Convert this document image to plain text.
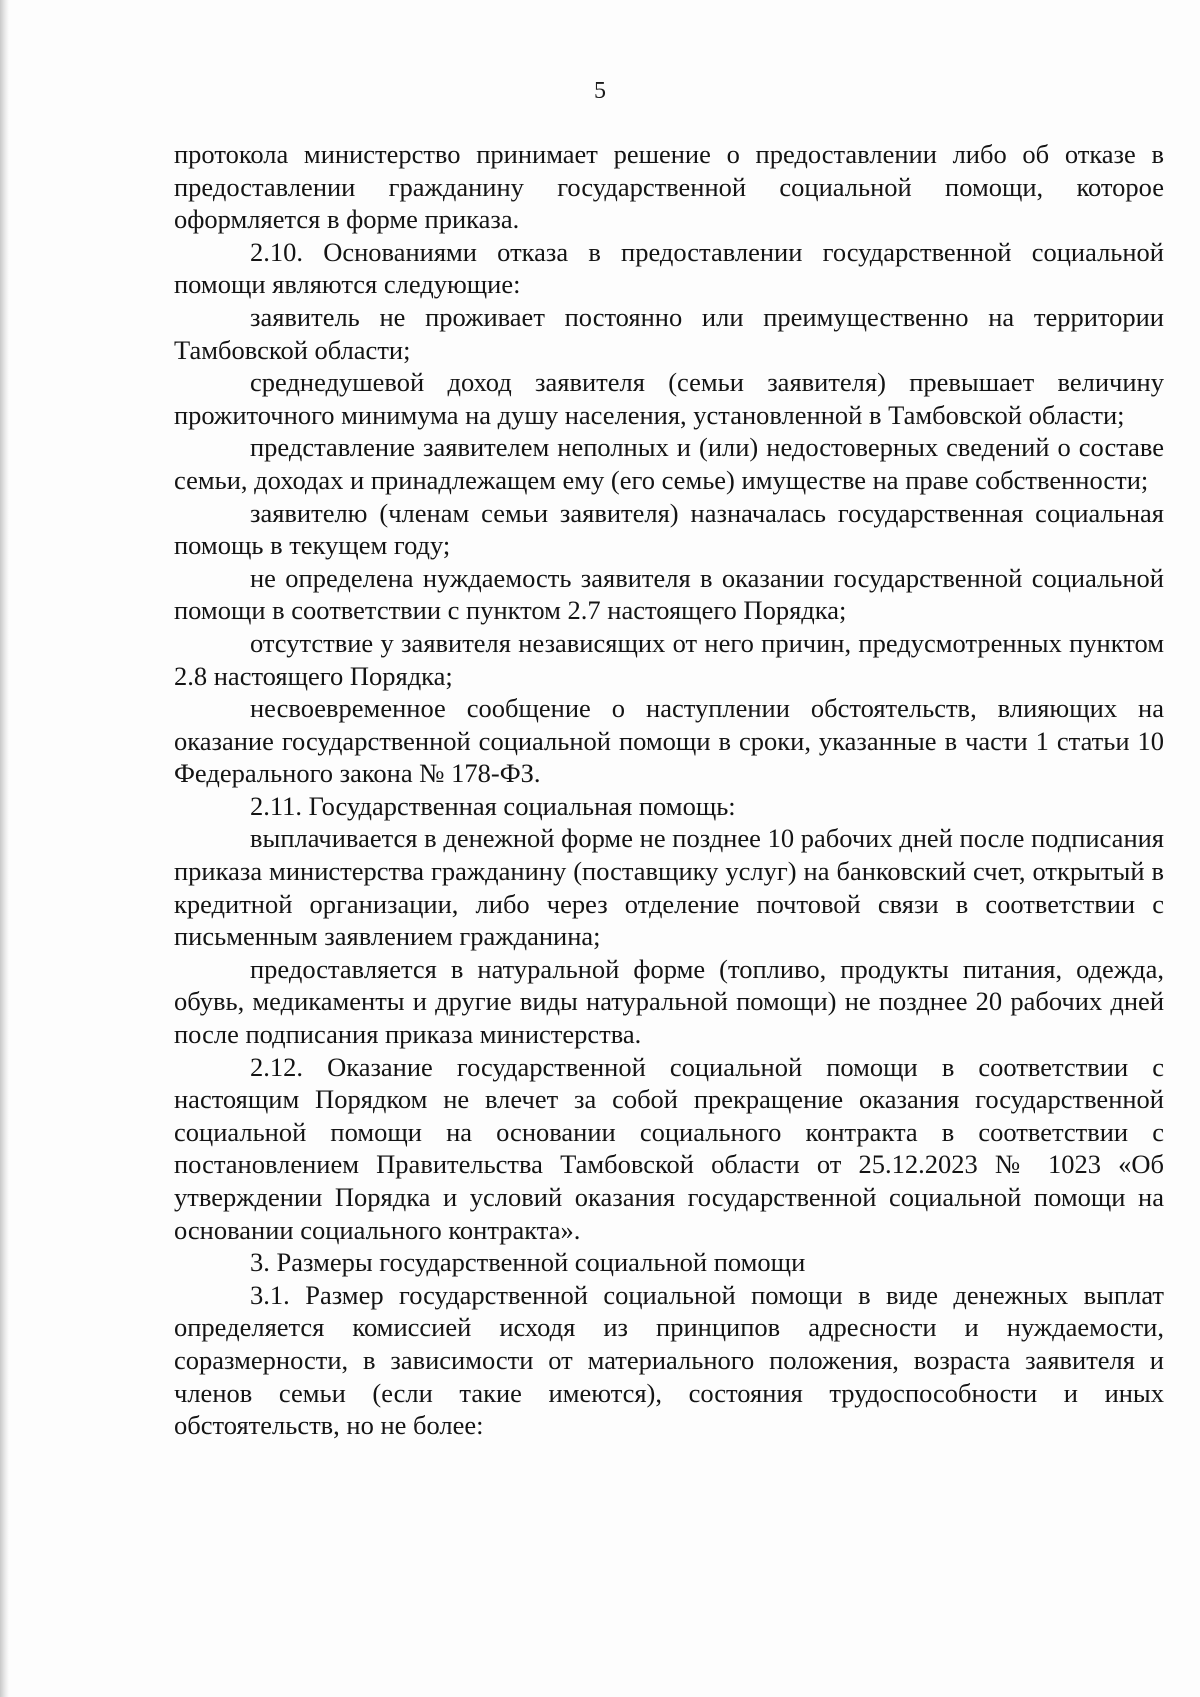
5

протокола министерство принимает решение о предоставлении либо об отказе в предоставлении гражданину государственной социальной помощи, которое оформляется в форме приказа.

2.10. Основаниями отказа в предоставлении государственной социальной помощи являются следующие:

заявитель не проживает постоянно или преимущественно на территории Тамбовской области;

среднедушевой доход заявителя (семьи заявителя) превышает величину прожиточного минимума на душу населения, установленной в Тамбовской области;

представление заявителем неполных и (или) недостоверных сведений о составе семьи, доходах и принадлежащем ему (его семье) имуществе на праве собственности;

заявителю (членам семьи заявителя) назначалась государственная социальная помощь в текущем году;

не определена нуждаемость заявителя в оказании государственной социальной помощи в соответствии с пунктом 2.7 настоящего Порядка;

отсутствие у заявителя независящих от него причин, предусмотренных пунктом 2.8 настоящего Порядка;

несвоевременное сообщение о наступлении обстоятельств, влияющих на оказание государственной социальной помощи в сроки, указанные в части 1 статьи 10 Федерального закона № 178-ФЗ.

2.11. Государственная социальная помощь:

выплачивается в денежной форме не позднее 10 рабочих дней после подписания приказа министерства гражданину (поставщику услуг) на банковский счет, открытый в кредитной организации, либо через отделение почтовой связи в соответствии с письменным заявлением гражданина;

предоставляется в натуральной форме (топливо, продукты питания, одежда, обувь, медикаменты и другие виды натуральной помощи) не позднее 20 рабочих дней после подписания приказа министерства.

2.12. Оказание государственной социальной помощи в соответствии с настоящим Порядком не влечет за собой прекращение оказания государственной социальной помощи на основании социального контракта в соответствии с постановлением Правительства Тамбовской области от 25.12.2023 № 1023 «Об утверждении Порядка и условий оказания государственной социальной помощи на основании социального контракта».

3. Размеры государственной социальной помощи

3.1. Размер государственной социальной помощи в виде денежных выплат определяется комиссией исходя из принципов адресности и нуждаемости, соразмерности, в зависимости от материального положения, возраста заявителя и членов семьи (если такие имеются), состояния трудоспособности и иных обстоятельств, но не более:
